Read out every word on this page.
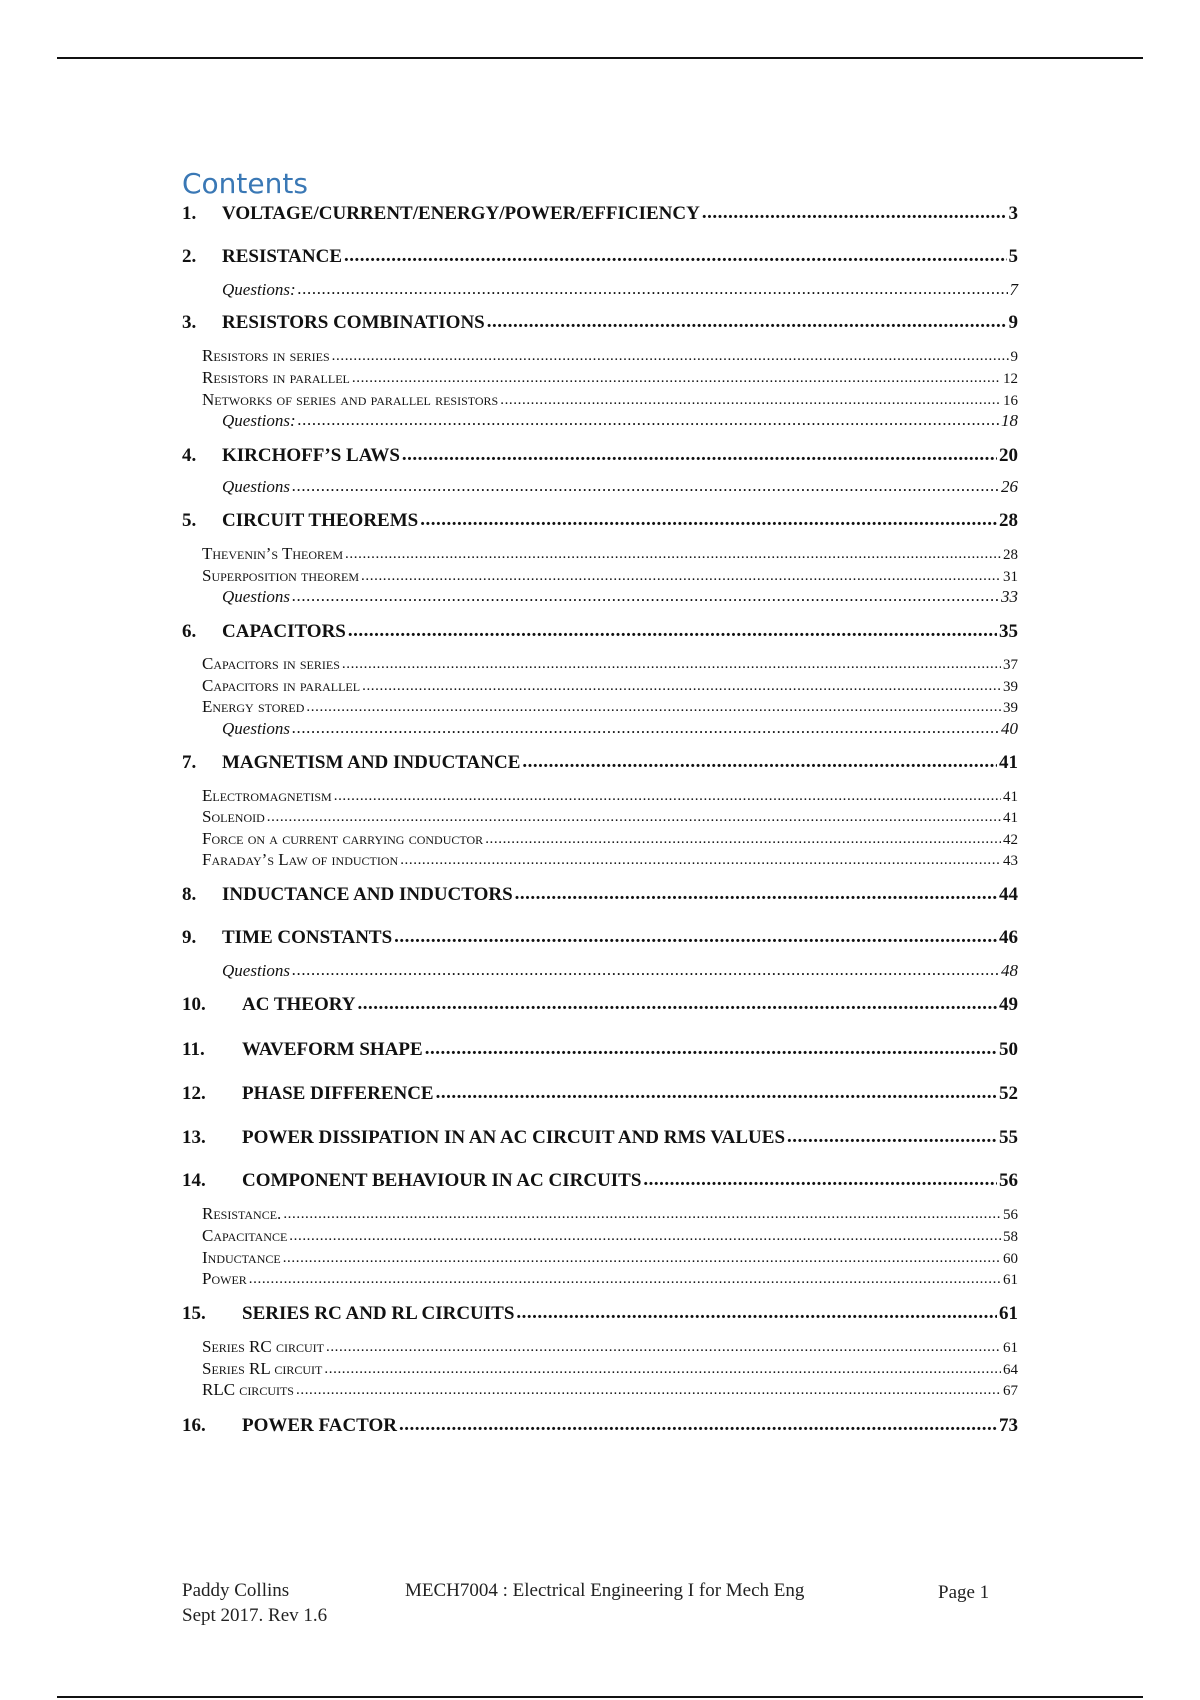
Contents
1.	VOLTAGE/CURRENT/ENERGY/POWER/EFFICIENCY .....	3
2.	RESISTANCE .....	5
Questions: .....	7
3.	RESISTORS COMBINATIONS .....	9
Resistors in series .....	9
Resistors in parallel .....	12
Networks of series and parallel resistors .....	16
Questions: .....	18
4.	KIRCHOFF’S LAWS .....	20
Questions .....	26
5.	CIRCUIT THEOREMS .....	28
Thevenin’s Theorem .....	28
Superposition theorem .....	31
Questions .....	33
6.	CAPACITORS .....	35
Capacitors in series .....	37
Capacitors in parallel .....	39
Energy stored .....	39
Questions .....	40
7.	MAGNETISM AND INDUCTANCE .....	41
Electromagnetism .....	41
Solenoid .....	41
Force on a current carrying conductor .....	42
Faraday’s Law of induction .....	43
8.	INDUCTANCE AND INDUCTORS .....	44
9.	TIME CONSTANTS .....	46
Questions .....	48
10.	AC THEORY .....	49
11.	WAVEFORM SHAPE .....	50
12.	PHASE DIFFERENCE .....	52
13.	POWER DISSIPATION IN AN AC CIRCUIT AND RMS VALUES .....	55
14.	COMPONENT BEHAVIOUR IN AC CIRCUITS .....	56
Resistance. .....	56
Capacitance .....	58
Inductance .....	60
Power .....	61
15.	SERIES RC AND RL CIRCUITS .....	61
Series RC circuit .....	61
Series RL circuit .....	64
RLC circuits .....	67
16.	POWER FACTOR .....	73
Paddy Collins
Sept 2017. Rev 1.6
MECH7004 : Electrical Engineering I for Mech Eng	Page 1
